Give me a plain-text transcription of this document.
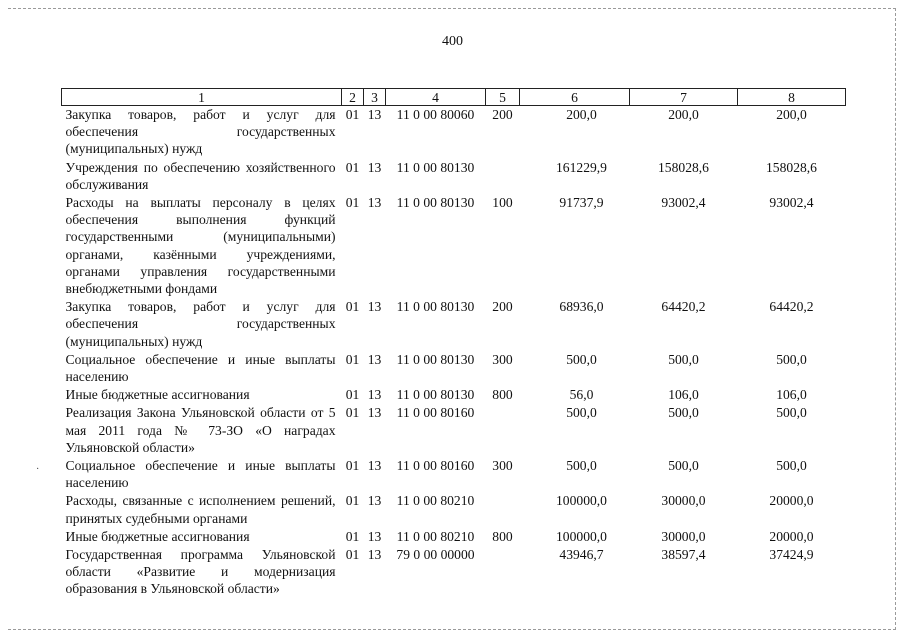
400
·
1	2	3	4	5	6	7	8
Закупка товаров, работ и услуг для обеспечения государственных (муниципальных) нужд	01	13	11 0 00 80060	200	200,0	200,0	200,0
Учреждения по обеспечению хозяйственного обслуживания	01	13	11 0 00 80130		161229,9	158028,6	158028,6
Расходы на выплаты персоналу в целях обеспечения выполнения функций государственными (муниципальными) органами, казёнными учреждениями, органами управления государственными внебюджетными фондами	01	13	11 0 00 80130	100	91737,9	93002,4	93002,4
Закупка товаров, работ и услуг для обеспечения государственных (муниципальных) нужд	01	13	11 0 00 80130	200	68936,0	64420,2	64420,2
Социальное обеспечение и иные выплаты населению	01	13	11 0 00 80130	300	500,0	500,0	500,0
Иные бюджетные ассигнования	01	13	11 0 00 80130	800	56,0	106,0	106,0
Реализация Закона Ульяновской области от 5 мая 2011 года № 73-ЗО «О наградах Ульяновской области»	01	13	11 0 00 80160		500,0	500,0	500,0
Социальное обеспечение и иные выплаты населению	01	13	11 0 00 80160	300	500,0	500,0	500,0
Расходы, связанные с исполнением решений, принятых судебными органами	01	13	11 0 00 80210		100000,0	30000,0	20000,0
Иные бюджетные ассигнования	01	13	11 0 00 80210	800	100000,0	30000,0	20000,0
Государственная программа Ульяновской области «Развитие и модернизация образования в Ульяновской области»	01	13	79 0 00 00000		43946,7	38597,4	37424,9
